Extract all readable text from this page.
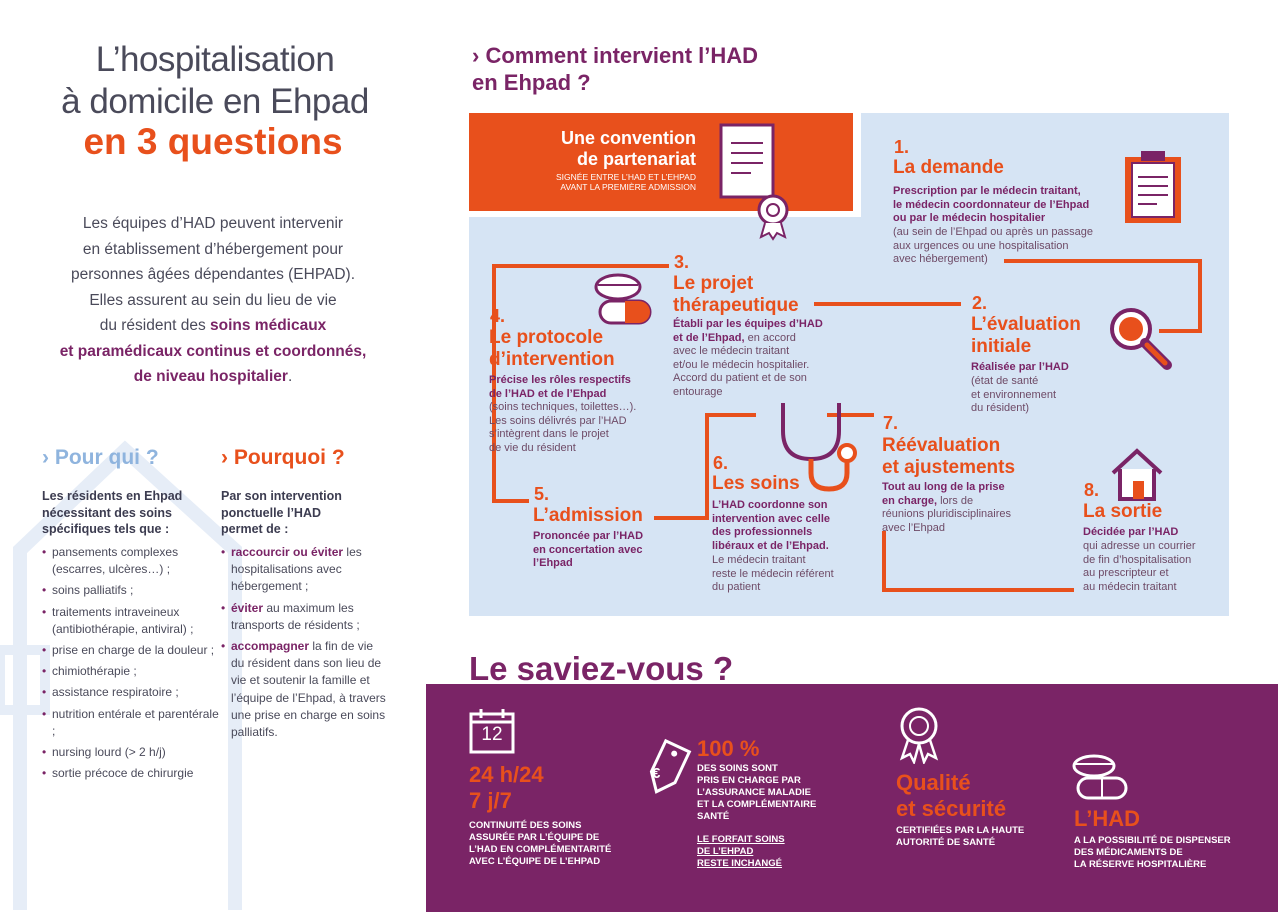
L’hospitalisation
à domicile en Ehpad
en 3 questions
Les équipes d’HAD peuvent intervenir
en établissement d’hébergement pour
personnes âgées dépendantes (EHPAD).
Elles assurent au sein du lieu de vie
du résident des soins médicaux
et paramédicaux continus et coordonnés,
de niveau hospitalier.
› Pour qui ?
Les résidents en Ehpad nécessitant des soins spécifiques tels que :
• pansements complexes (escarres, ulcères…) ;
• soins palliatifs ;
• traitements intraveineux (antibiothérapie, antiviral) ;
• prise en charge de la douleur ;
• chimiothérapie ;
• assistance respiratoire ;
• nutrition entérale et parentérale ;
• nursing lourd (> 2 h/j)
• sortie précoce de chirurgie
› Pourquoi ?
Par son intervention ponctuelle l’HAD permet de :
• raccourcir ou éviter les hospitalisations avec hébergement ;
• éviter au maximum les transports de résidents ;
• accompagner la fin de vie du résident dans son lieu de vie et soutenir la famille et l’équipe de l’Ehpad, à travers une prise en charge en soins palliatifs.
› Comment intervient l’HAD
en Ehpad ?
Une convention
de partenariat
SIGNÉE ENTRE L’HAD ET L’EHPAD
AVANT LA PREMIÈRE ADMISSION
1.
La demande
Prescription par le médecin traitant,
le médecin coordonnateur de l’Ehpad
ou par le médecin hospitalier
(au sein de l’Ehpad ou après un passage
aux urgences ou une hospitalisation
avec hébergement)
2.
L’évaluation
initiale
Réalisée par l’HAD
(état de santé
et environnement
du résident)
3.
Le projet
thérapeutique
Établi par les équipes d’HAD
et de l’Ehpad, en accord
avec le médecin traitant
et/ou le médecin hospitalier.
Accord du patient et de son
entourage
4.
Le protocole
d’intervention
Précise les rôles respectifs
de l’HAD et de l’Ehpad
(soins techniques, toilettes…).
Les soins délivrés par l’HAD
s’intègrent dans le projet
de vie du résident
5.
L’admission
Prononcée par l’HAD
en concertation avec
l’Ehpad
6.
Les soins
L’HAD coordonne son
intervention avec celle
des professionnels
libéraux et de l’Ehpad.
Le médecin traitant
reste le médecin référent
du patient
7.
Réévaluation
et ajustements
Tout au long de la prise
en charge, lors de
réunions pluridisciplinaires
avec l’Ehpad
8.
La sortie
Décidée par l’HAD
qui adresse un courrier
de fin d’hospitalisation
au prescripteur et
au médecin traitant
Le saviez-vous ?
12
24 h/24
7 j/7
CONTINUITÉ DES SOINS
ASSURÉE PAR L’ÉQUIPE DE
L’HAD EN COMPLÉMENTARITÉ
AVEC L’ÉQUIPE DE L’EHPAD
€
100 %
DES SOINS SONT
PRIS EN CHARGE PAR
L’ASSURANCE MALADIE
ET LA COMPLÉMENTAIRE
SANTÉ
LE FORFAIT SOINS
DE L’EHPAD
RESTE INCHANGÉ
Qualité
et sécurité
CERTIFIÉES PAR LA HAUTE
AUTORITÉ DE SANTÉ
L’HAD
A LA POSSIBILITÉ DE DISPENSER
DES MÉDICAMENTS DE
LA RÉSERVE HOSPITALIÈRE
